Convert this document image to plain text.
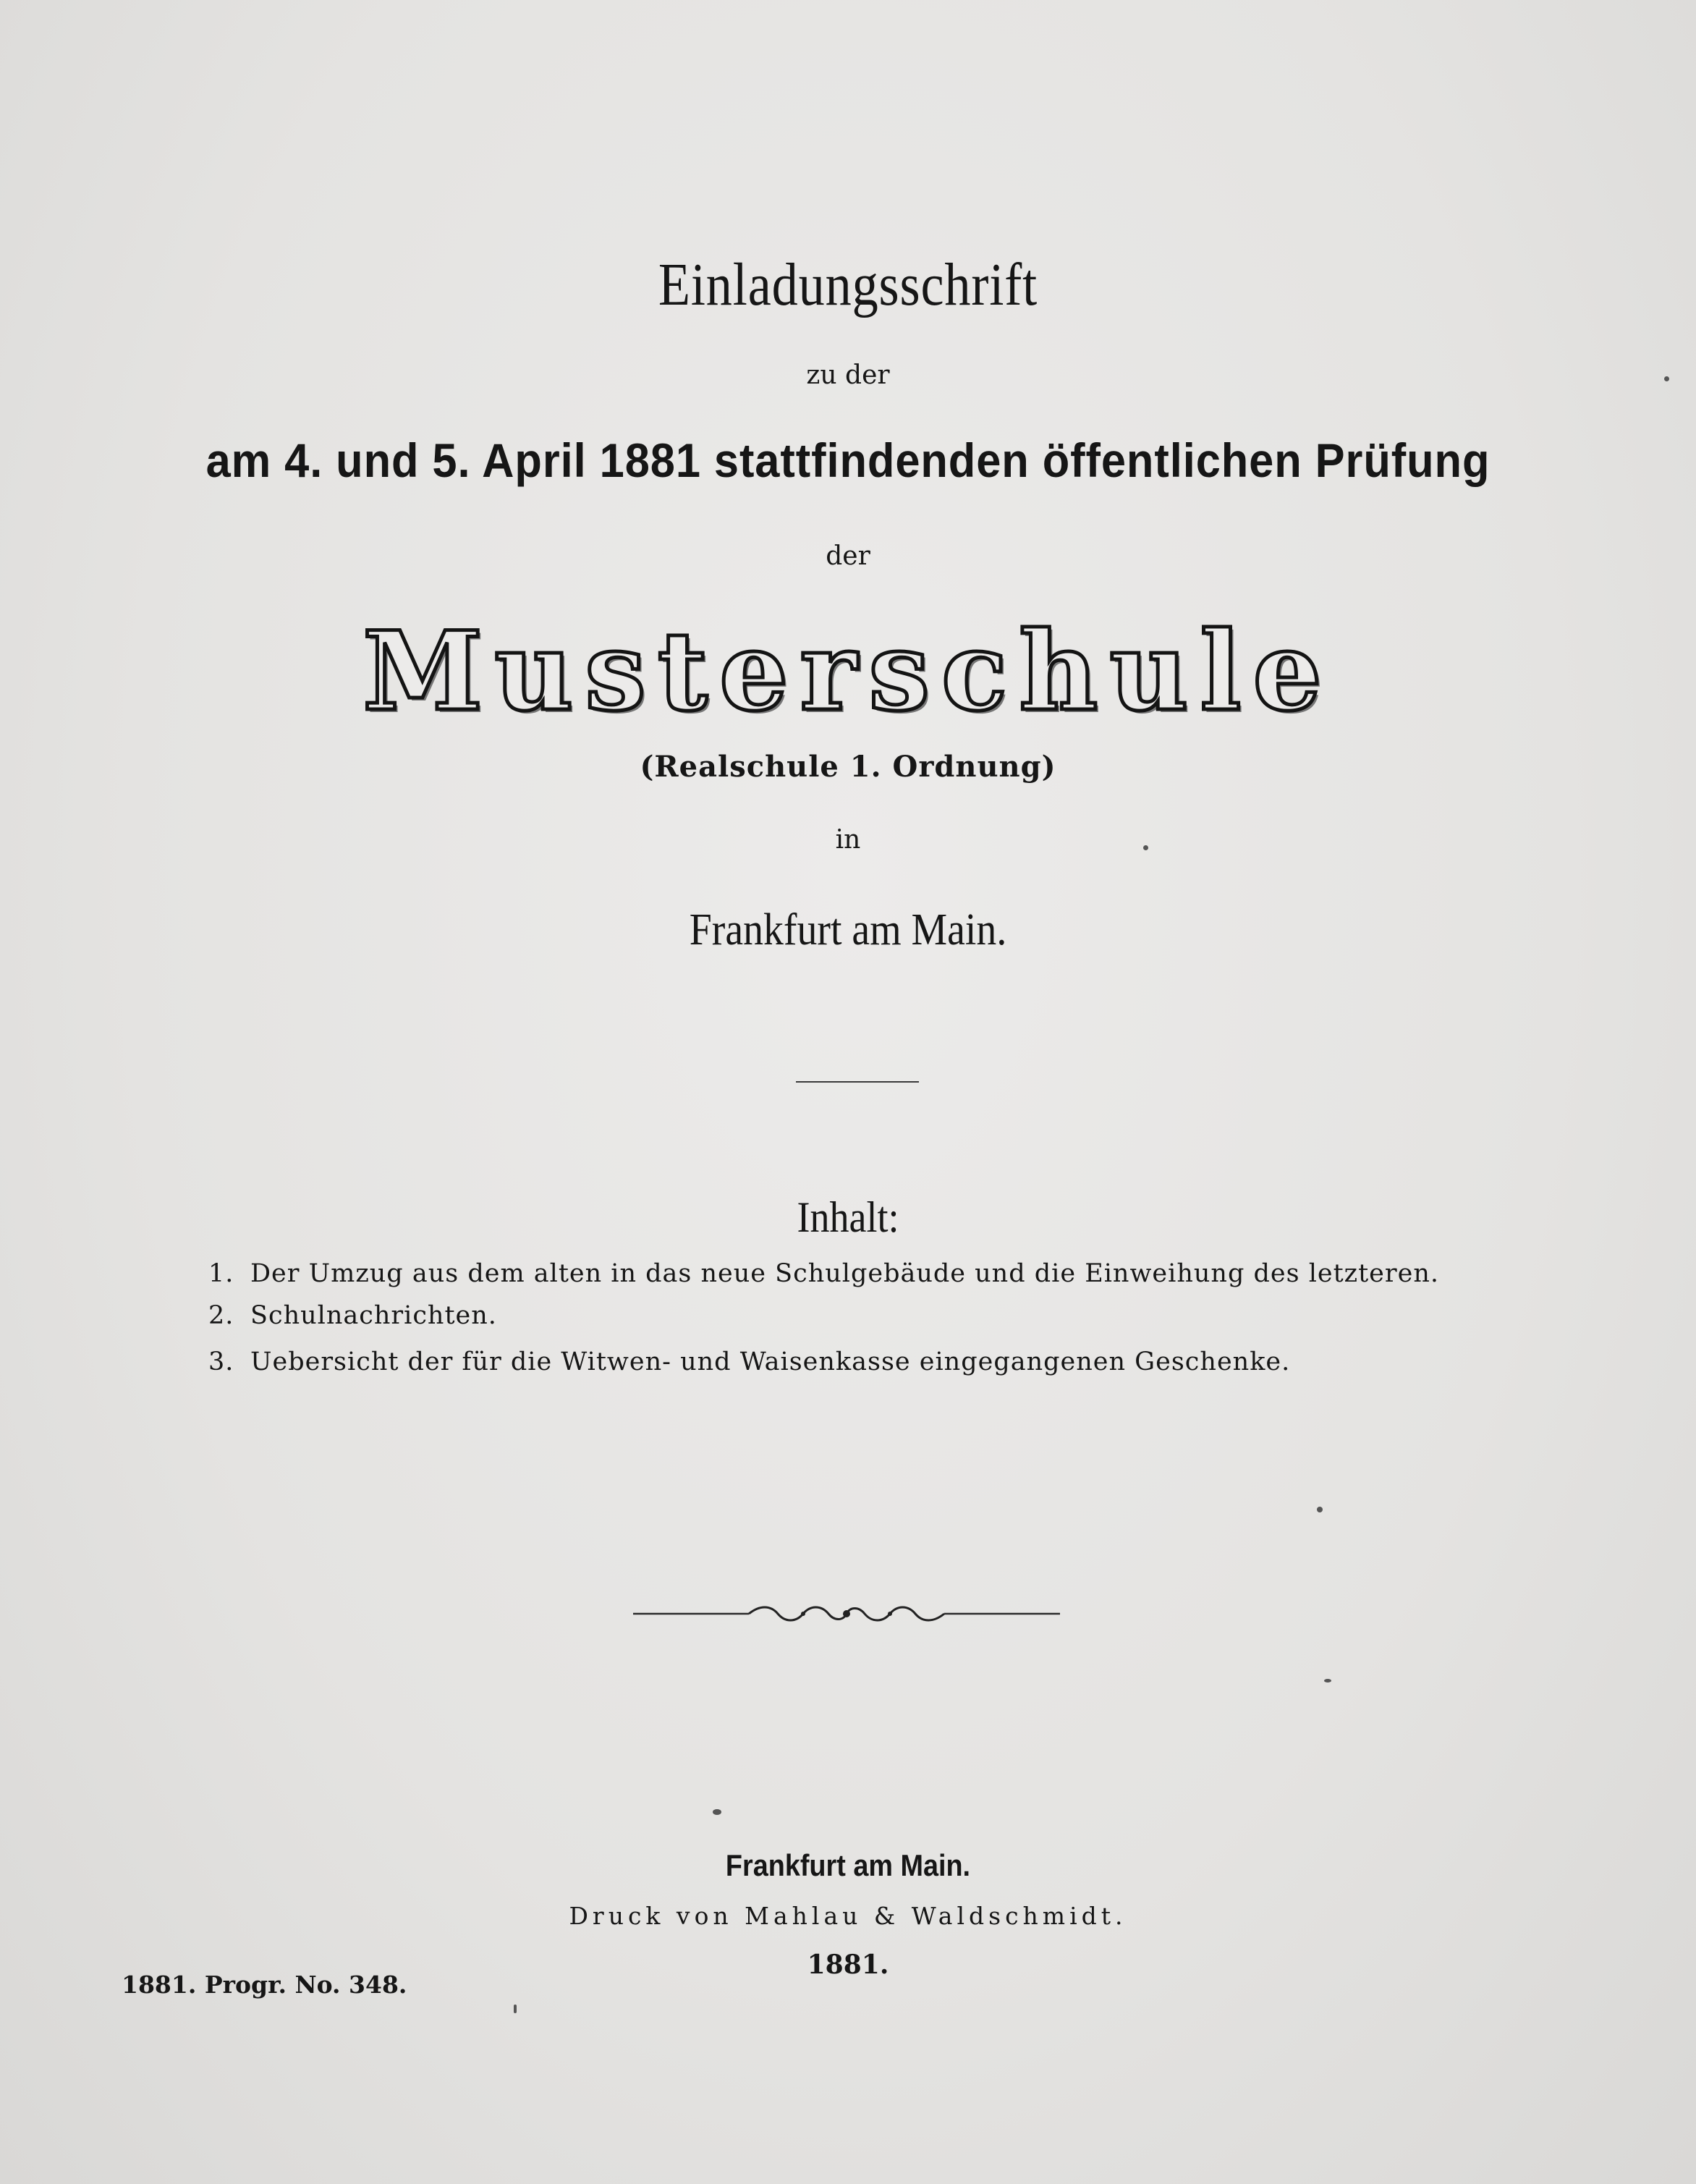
Einladungsschrift
zu der
am 4. und 5. April 1881 stattfindenden öffentlichen Prüfung
der
Musterschule
(Realschule 1. Ordnung)
in
Frankfurt am Main.
Inhalt:
1. Der Umzug aus dem alten in das neue Schulgebäude und die Einweihung des letzteren.
2. Schulnachrichten.
3. Uebersicht der für die Witwen- und Waisenkasse eingegangenen Geschenke.
Frankfurt am Main.
Druck von Mahlau & Waldschmidt.
1881.
1881. Progr. No. 348.
